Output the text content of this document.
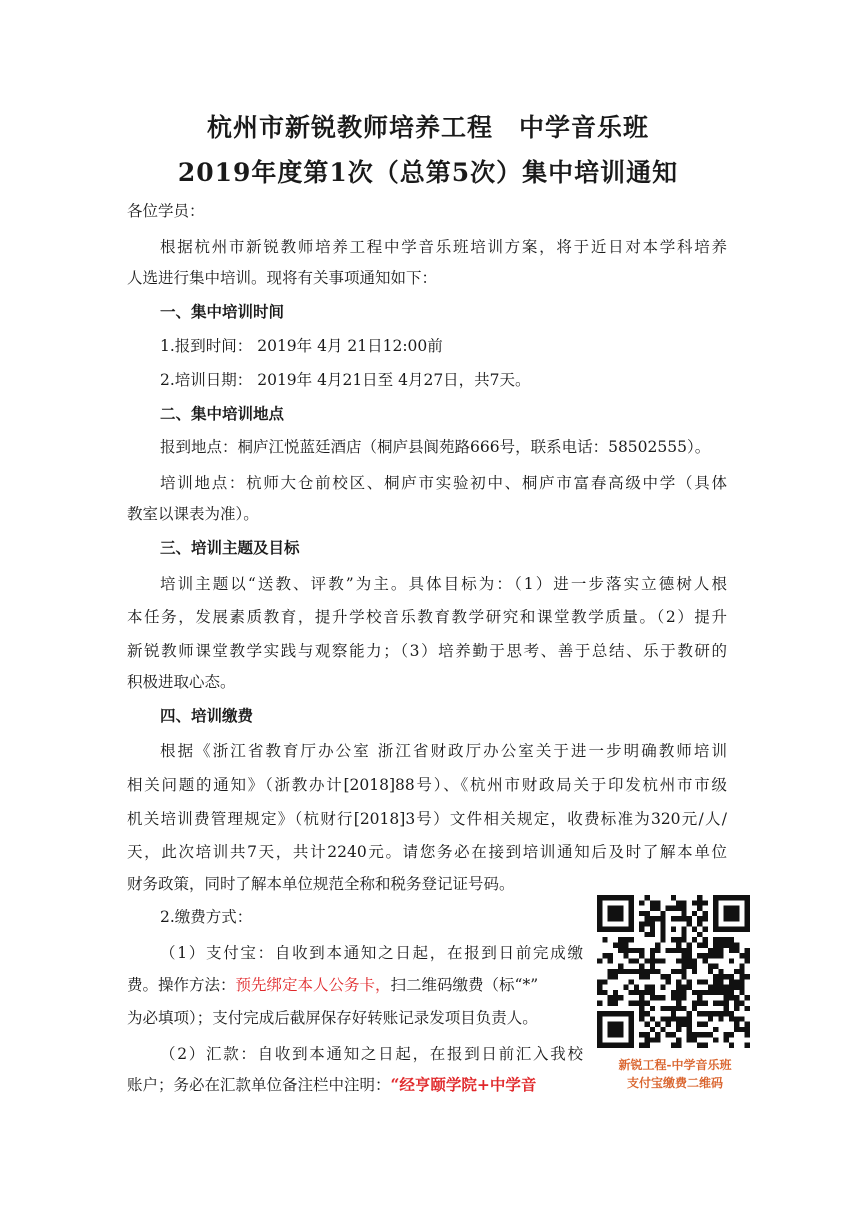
杭州市新锐教师培养工程　中学音乐班
2019年度第1次（总第5次）集中培训通知
各位学员：
根据杭州市新锐教师培养工程中学音乐班培训方案，将于近日对本学科培养
人选进行集中培训。现将有关事项通知如下：
一、集中培训时间
1.报到时间： 2019年 4月 21日12:00前
2.培训日期： 2019年 4月21日至 4月27日，共7天。
二、集中培训地点
报到地点：桐庐江悦蓝廷酒店（桐庐县阆苑路666号，联系电话：58502555）。
培训地点：杭师大仓前校区、桐庐市实验初中、桐庐市富春高级中学（具体
教室以课表为准）。
三、培训主题及目标
培训主题以“送教、评教”为主。具体目标为：（1）进一步落实立德树人根
本任务，发展素质教育，提升学校音乐教育教学研究和课堂教学质量。（2）提升
新锐教师课堂教学实践与观察能力；（3）培养勤于思考、善于总结、乐于教研的
积极进取心态。
四、培训缴费
根据《浙江省教育厅办公室 浙江省财政厅办公室关于进一步明确教师培训
相关问题的通知》（浙教办计[2018]88号）、《杭州市财政局关于印发杭州市市级
机关培训费管理规定》（杭财行[2018]3号）文件相关规定，收费标准为320元/人/
天，此次培训共7天，共计2240元。请您务必在接到培训通知后及时了解本单位
财务政策，同时了解本单位规范全称和税务登记证号码。
2.缴费方式：
（1）支付宝：自收到本通知之日起，在报到日前完成缴
费。操作方法：预先绑定本人公务卡，扫二维码缴费（标“*”
为必填项）；支付完成后截屏保存好转账记录发项目负责人。
（2）汇款：自收到本通知之日起，在报到日前汇入我校
账户；务必在汇款单位备注栏中注明：“经亨颐学院+中学音
新锐工程-中学音乐班
支付宝缴费二维码
